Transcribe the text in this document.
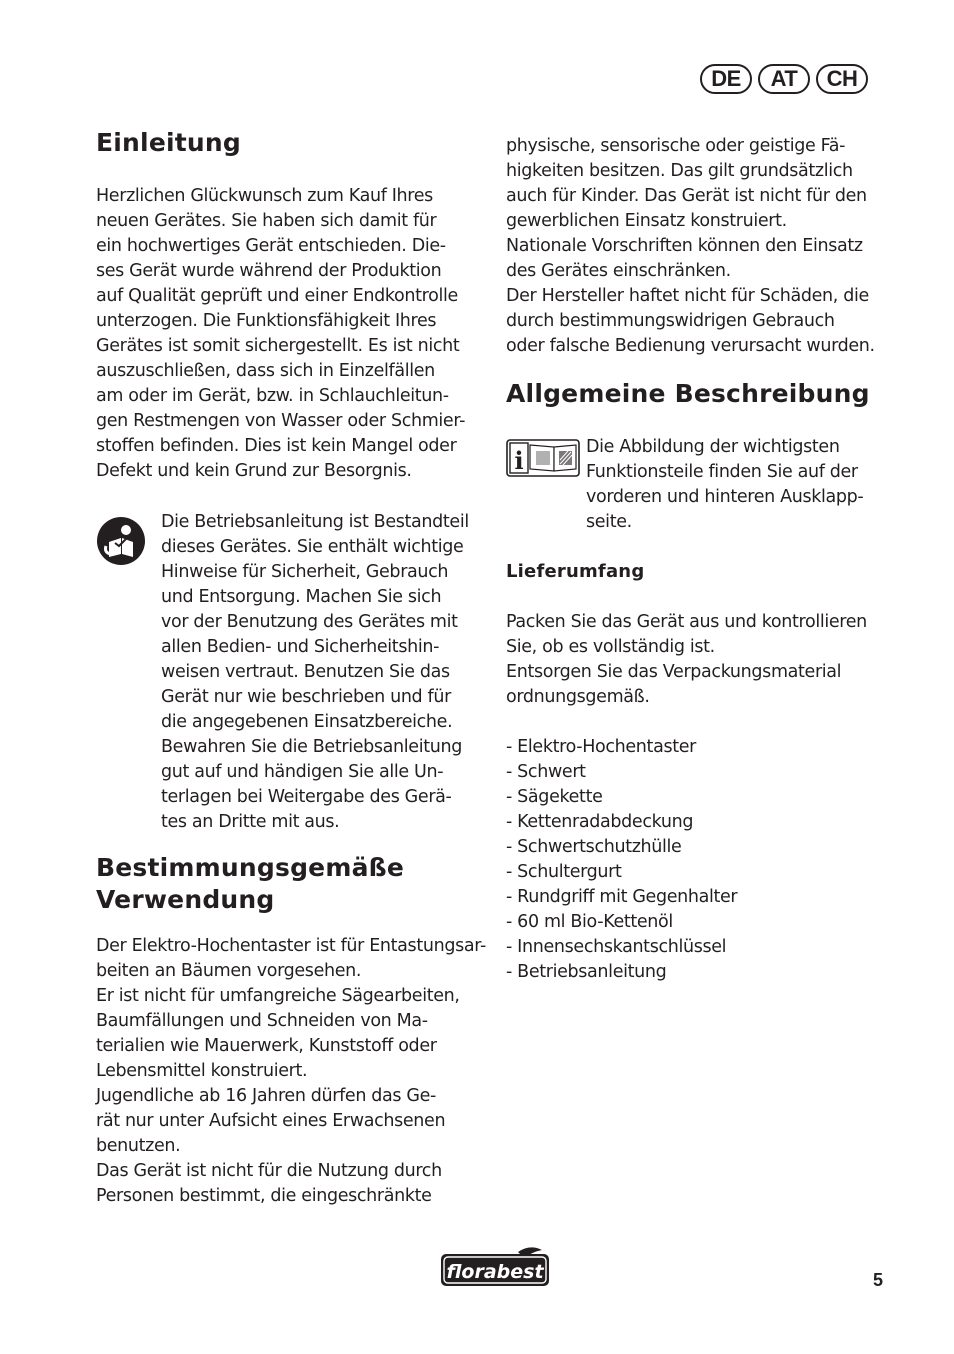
DE	AT	CH
Einleitung
Herzlichen Glückwunsch zum Kauf Ihres
neuen Gerätes. Sie haben sich damit für
ein hochwertiges Gerät entschieden. Die-
ses Gerät wurde während der Produktion
auf Qualität geprüft und einer Endkontrolle
unterzogen. Die Funktionsfähigkeit Ihres
Gerätes ist somit sichergestellt. Es ist nicht
auszuschließen, dass sich in Einzelfällen
am oder im Gerät, bzw. in Schlauchleitun-
gen Restmengen von Wasser oder Schmier-
stoffen befinden. Dies ist kein Mangel oder
Defekt und kein Grund zur Besorgnis.
Die Betriebsanleitung ist Bestandteil
dieses Gerätes. Sie enthält wichtige
Hinweise für Sicherheit, Gebrauch
und Entsorgung. Machen Sie sich
vor der Benutzung des Gerätes mit
allen Bedien- und Sicherheitshin-
weisen vertraut. Benutzen Sie das
Gerät nur wie beschrieben und für
die angegebenen Einsatzbereiche.
Bewahren Sie die Betriebsanleitung
gut auf und händigen Sie alle Un-
terlagen bei Weitergabe des Gerä-
tes an Dritte mit aus.
Bestimmungsgemäße
Verwendung
Der Elektro-Hochentaster ist für Entastungsar-
beiten an Bäumen vorgesehen.
Er ist nicht für umfangreiche Sägearbeiten,
Baumfällungen und Schneiden von Ma-
terialien wie Mauerwerk, Kunststoff oder
Lebensmittel konstruiert.
Jugendliche ab 16 Jahren dürfen das Ge-
rät nur unter Aufsicht eines Erwachsenen
benutzen.
Das Gerät ist nicht für die Nutzung durch
Personen bestimmt, die eingeschränkte
physische, sensorische oder geistige Fä-
higkeiten besitzen. Das gilt grundsätzlich
auch für Kinder. Das Gerät ist nicht für den
gewerblichen Einsatz konstruiert.
Nationale Vorschriften können den Einsatz
des Gerätes einschränken.
Der Hersteller haftet nicht für Schäden, die
durch bestimmungswidrigen Gebrauch
oder falsche Bedienung verursacht wurden.
Allgemeine Beschreibung
i	Die Abbildung der wichtigsten
Funktionsteile finden Sie auf der
vorderen und hinteren Ausklapp-
seite.
Lieferumfang
Packen Sie das Gerät aus und kontrollieren
Sie, ob es vollständig ist.
Entsorgen Sie das Verpackungsmaterial
ordnungsgemäß.
- Elektro-Hochentaster
- Schwert
- Sägekette
- Kettenradabdeckung
- Schwertschutzhülle
- Schultergurt
- Rundgriff mit Gegenhalter
- 60 ml Bio-Kettenöl
- Innensechskantschlüssel
- Betriebsanleitung
florabest	5
